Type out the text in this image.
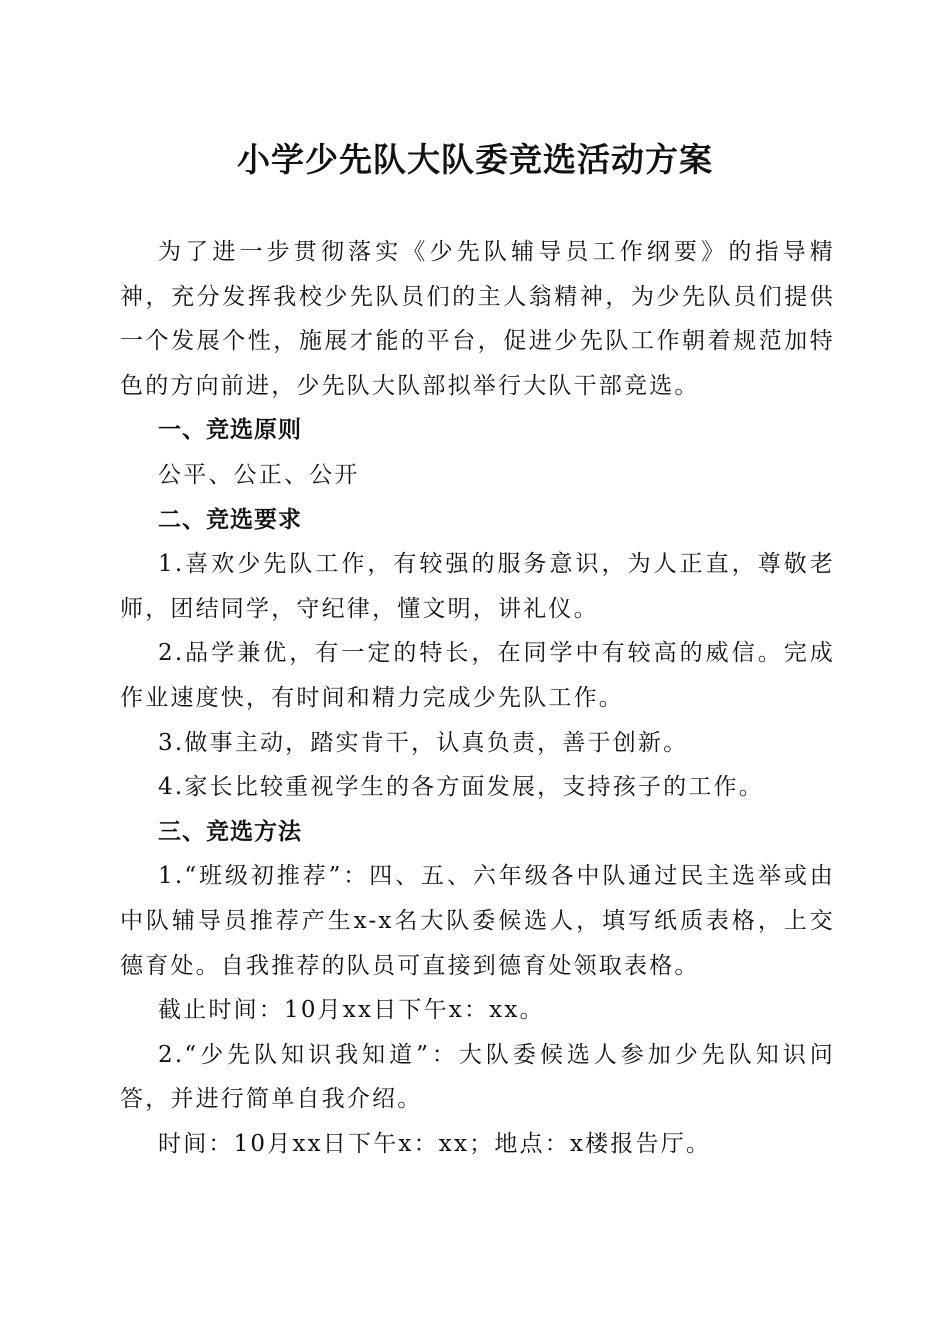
小学少先队大队委竞选活动方案

为了进一步贯彻落实《少先队辅导员工作纲要》的指导精神，充分发挥我校少先队员们的主人翁精神，为少先队员们提供一个发展个性，施展才能的平台，促进少先队工作朝着规范加特色的方向前进，少先队大队部拟举行大队干部竞选。

一、竞选原则

公平、公正、公开

二、竞选要求

1.喜欢少先队工作，有较强的服务意识，为人正直，尊敬老师，团结同学，守纪律，懂文明，讲礼仪。

2.品学兼优，有一定的特长，在同学中有较高的威信。完成作业速度快，有时间和精力完成少先队工作。

3.做事主动，踏实肯干，认真负责，善于创新。

4.家长比较重视学生的各方面发展，支持孩子的工作。

三、竞选方法

1.“班级初推荐”：四、五、六年级各中队通过民主选举或由中队辅导员推荐产生x-x名大队委候选人，填写纸质表格，上交德育处。自我推荐的队员可直接到德育处领取表格。

截止时间：10月xx日下午x：xx。

2.“少先队知识我知道”：大队委候选人参加少先队知识问答，并进行简单自我介绍。

时间：10月xx日下午x：xx；地点：x楼报告厅。
